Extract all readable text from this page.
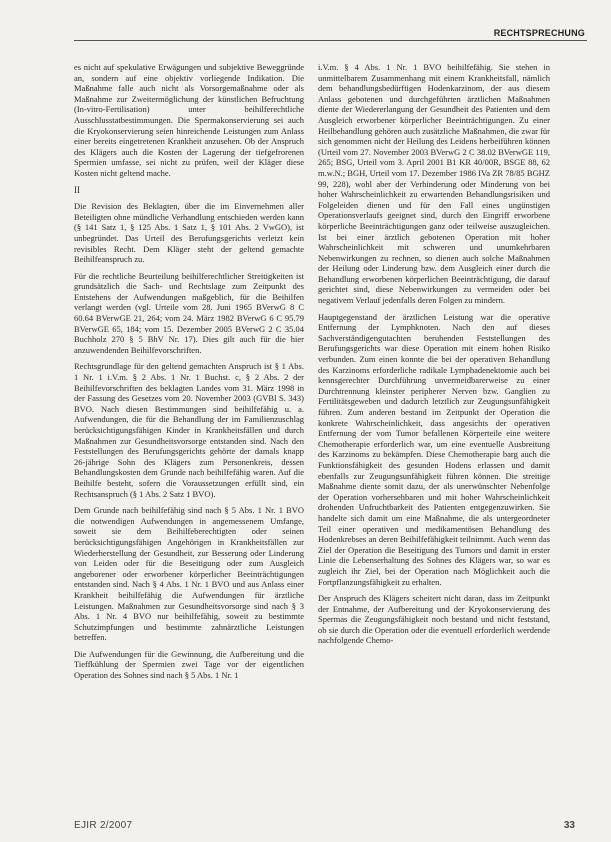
RECHTSPRECHUNG

es nicht auf spekulative Erwägungen und subjektive Beweggründe an, sondern auf eine objektiv vorliegende Indikation. Die Maßnahme falle auch nicht als Vorsorgemaßnahme oder als Maßnahme zur Zweitermöglichung der künstlichen Befruchtung (In-vitro-Fertilisation) unter beihilferechtliche Ausschlusstatbestimmungen. Die Spermakonservierung sei auch die Kryokonservierung seien hinreichende Leistungen zum Anlass einer bereits eingetretenen Krankheit anzusehen. Ob der Anspruch des Klägers auch die Kosten der Lagerung der tiefgefrorenen Spermien umfasse, sei nicht zu prüfen, weil der Kläger diese Kosten nicht geltend mache.

II

Die Revision des Beklagten, über die im Einvernehmen aller Beteiligten ohne mündliche Verhandlung entschieden werden kann (§ 141 Satz 1, § 125 Abs. 1 Satz 1, § 101 Abs. 2 VwGO), ist unbegründet. Das Urteil des Berufungsgerichts verletzt kein revisibles Recht. Dem Kläger steht der geltend gemachte Beihilfeanspruch zu.

Für die rechtliche Beurteilung beihilferechtlicher Streitigkeiten ist grundsätzlich die Sach- und Rechtslage zum Zeitpunkt des Entstehens der Aufwendungen maßgeblich, für die Beihilfen verlangt werden (vgl. Urteile vom 28. Juni 1965 BVerwG 8 C 60.64 BVerwGE 21, 264; vom 24. März 1982 BVerwG 6 C 95.79 BVerwGE 65, 184; vom 15. Dezember 2005 BVerwG 2 C 35.04 Buchholz 270 § 5 BhV Nr. 17). Dies gilt auch für die hier anzuwendenden Beihilfevorschriften.

Rechtsgrundlage für den geltend gemachten Anspruch ist § 1 Abs. 1 Nr. 1 i.V.m. § 2 Abs. 1 Nr. 1 Buchst. c, § 2 Abs. 2 der Beihilfevorschriften des beklagten Landes vom 31. März 1998 in der Fassung des Gesetzes vom 20. November 2003 (GVBl S. 343) BVO. Nach diesen Bestimmungen sind beihilfefähig u. a. Aufwendungen, die für die Behandlung der im Familienzuschlag berücksichtigungsfähigen Kinder in Krankheitsfällen und durch Maßnahmen zur Gesundheitsvorsorge entstanden sind. Nach den Feststellungen des Berufungsgerichts gehörte der damals knapp 26-jährige Sohn des Klägers zum Personenkreis, dessen Behandlungskosten dem Grunde nach beihilfefähig waren. Auf die Beihilfe besteht, sofern die Voraussetzungen erfüllt sind, ein Rechtsanspruch (§ 1 Abs. 2 Satz 1 BVO).

Dem Grunde nach beihilfefähig sind nach § 5 Abs. 1 Nr. 1 BVO die notwendigen Aufwendungen in angemessenem Umfange, soweit sie dem Beihilfeberechtigten oder seinen berücksichtigungsfähigen Angehörigen in Krankheitsfällen zur Wiederherstellung der Gesundheit, zur Besserung oder Linderung von Leiden oder für die Beseitigung oder zum Ausgleich angeborener oder erworbener körperlicher Beeinträchtigungen entstanden sind. Nach § 4 Abs. 1 Nr. 1 BVO und aus Anlass einer Krankheit beihilfefähig die Aufwendungen für ärztliche Leistungen. Maßnahmen zur Gesundheitsvorsorge sind nach § 3 Abs. 1 Nr. 4 BVO nur beihilfefähig, soweit zu bestimmte Schutzimpfungen und bestimmte zahnärztliche Leistungen betreffen.

Die Aufwendungen für die Gewinnung, die Aufbereitung und die Tieffkühlung der Spermien zwei Tage vor der eigentlichen Operation des Sohnes sind nach § 5 Abs. 1 Nr. 1

i.V.m. § 4 Abs. 1 Nr. 1 BVO beihilfefähig. Sie stehen in unmittelbarem Zusammenhang mit einem Krankheitsfall, nämlich dem behandlungsbedürftigen Hodenkarzinom, der aus diesem Anlass gebotenen und durchgeführten ärztlichen Maßnahmen diente der Wiedererlangung der Gesundheit des Patienten und dem Ausgleich erworbener körperlicher Beeinträchtigungen. Zu einer Heilbehandlung gehören auch zusätzliche Maßnahmen, die zwar für sich genommen nicht der Heilung des Leidens herbeiführen können (Urteil vom 27. November 2003 BVerwG 2 C 38.02 BVerwGE 119, 265; BSG, Urteil vom 3. April 2001 B1 KR 40/00R, BSGE 88, 62 m.w.N.; BGH, Urteil vom 17. Dezember 1986 IVa ZR 78/85 BGHZ 99, 228), wohl aber der Verhinderung oder Minderung von bei hoher Wahrscheinlichkeit zu erwartenden Behandlungsrisiken und Folgeleiden dienen und für den Fall eines ungünstigen Operationsverlaufs geeignet sind, durch den Eingriff erworbene körperliche Beeinträchtigungen ganz oder teilweise auszugleichen. Ist bei einer ärztlich gebotenen Operation mit hoher Wahrscheinlichkeit mit schweren und unumkehrbaren Nebenwirkungen zu rechnen, so dienen auch solche Maßnahmen der Heilung oder Linderung bzw. dem Ausgleich einer durch die Behandlung erworbenen körperlichen Beeinträchtigung, die darauf gerichtet sind, diese Nebenwirkungen zu vermeiden oder bei negativem Verlauf jedenfalls deren Folgen zu mindern.

Hauptgegenstand der ärztlichen Leistung war die operative Entfernung der Lymphknoten. Nach den auf dieses Sachverständigengutachten beruhenden Feststellungen des Berufungsgerichts war diese Operation mit einem hohen Risiko verbunden. Zum einen konnte die bei der operativen Behandlung des Karzinoms erforderliche radikale Lymphadenektomie auch bei kennsgerechter Durchführung unvermeidbarerweise zu einer Durchtrennung kleinster peripherer Nerven bzw. Ganglien zu Fertilitätsgeweben und dadurch letztlich zur Zeugungsunfähigkeit führen. Zum anderen bestand im Zeitpunkt der Operation die konkrete Wahrscheinlichkeit, dass angesichts der operativen Entfernung der vom Tumor befallenen Körperteile eine weitere Chemotherapie erforderlich war, um eine eventuelle Ausbreitung des Karzinoms zu bekämpfen. Diese Chemotherapie barg auch die Funktionsfähigkeit des gesunden Hodens erlassen und damit ebenfalls zur Zeugungsunfähigkeit führen können. Die streitige Maßnahme diente somit dazu, der als unerwünschter Nebenfolge der Operation vorhersehbaren und mit hoher Wahrscheinlichkeit drohenden Unfruchtbarkeit des Patienten entgegenzuwirken. Sie handelte sich damit um eine Maßnahme, die als untergeordneter Teil einer operativen und medikamentösen Behandlung des Hodenkrebses an deren Beihilfefähigkeit teilnimmt. Auch wenn das Ziel der Operation die Beseitigung des Tumors und damit in erster Linie die Lebenserhaltung des Sohnes des Klägers war, so war es zugleich ihr Ziel, bei der Operation nach Möglichkeit auch die Fortpflanzungsfähigkeit zu erhalten.

Der Anspruch des Klägers scheitert nicht daran, dass im Zeitpunkt der Entnahme, der Aufbereitung und der Kryokonservierung des Spermas die Zeugungsfähigkeit noch bestand und nicht feststand, ob sie durch die Operation oder die eventuell erforderlich werdende nachfolgende Chemo-

EJIR 2/2007	33
